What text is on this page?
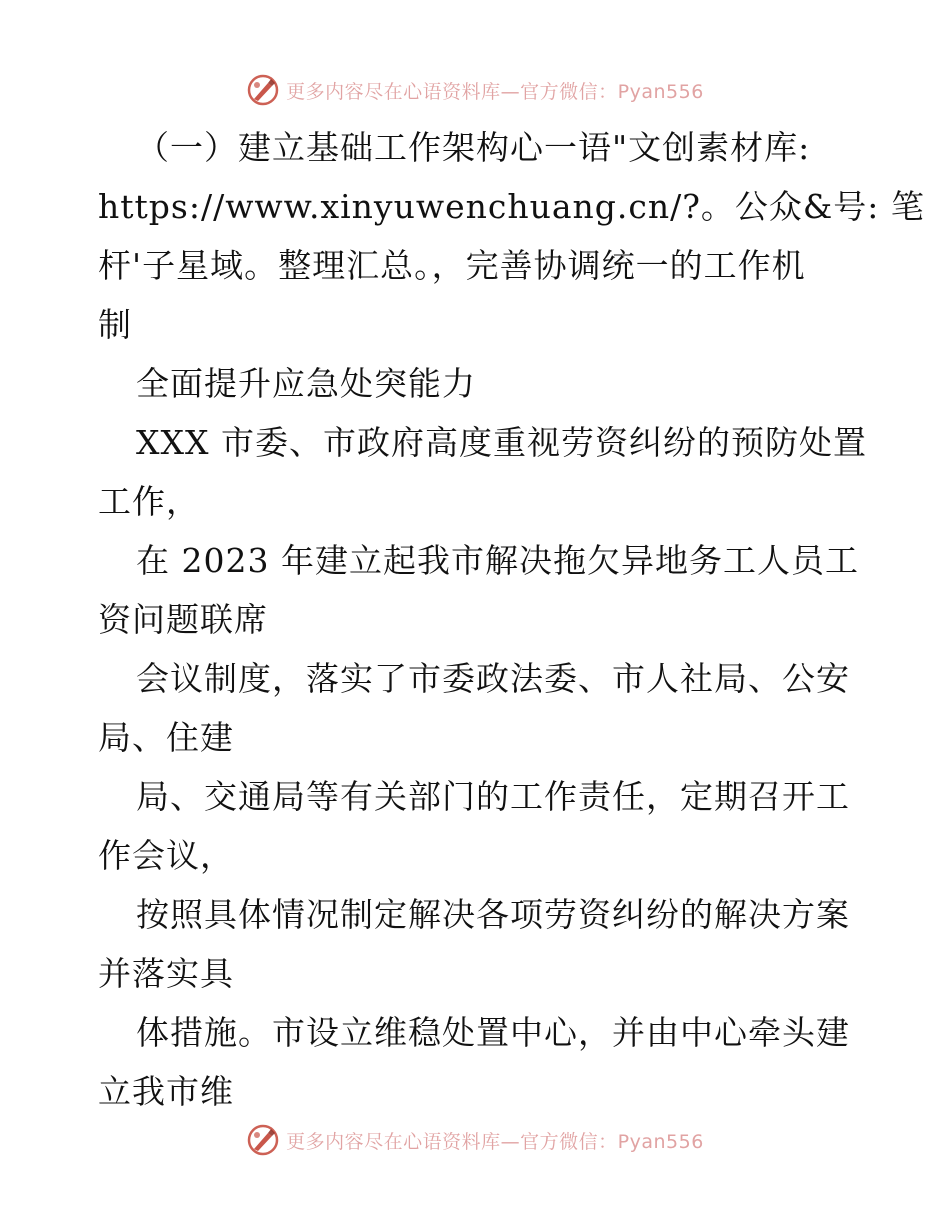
更多内容尽在心语资料库—官方微信：Pyan556

（一）建立基础工作架构心一语"文创素材库:

https://www.xinyuwenchuang.cn/?。公众&号: 笔

杆'子星域。整理汇总。，完善协调统一的工作机

制

全面提升应急处突能力

XXX 市委、市政府高度重视劳资纠纷的预防处置

工作，

在 2023 年建立起我市解决拖欠异地务工人员工

资问题联席

会议制度，落实了市委政法委、市人社局、公安

局、住建

局、交通局等有关部门的工作责任，定期召开工

作会议，

按照具体情况制定解决各项劳资纠纷的解决方案

并落实具

体措施。市设立维稳处置中心，并由中心牵头建

立我市维

更多内容尽在心语资料库—官方微信：Pyan556
